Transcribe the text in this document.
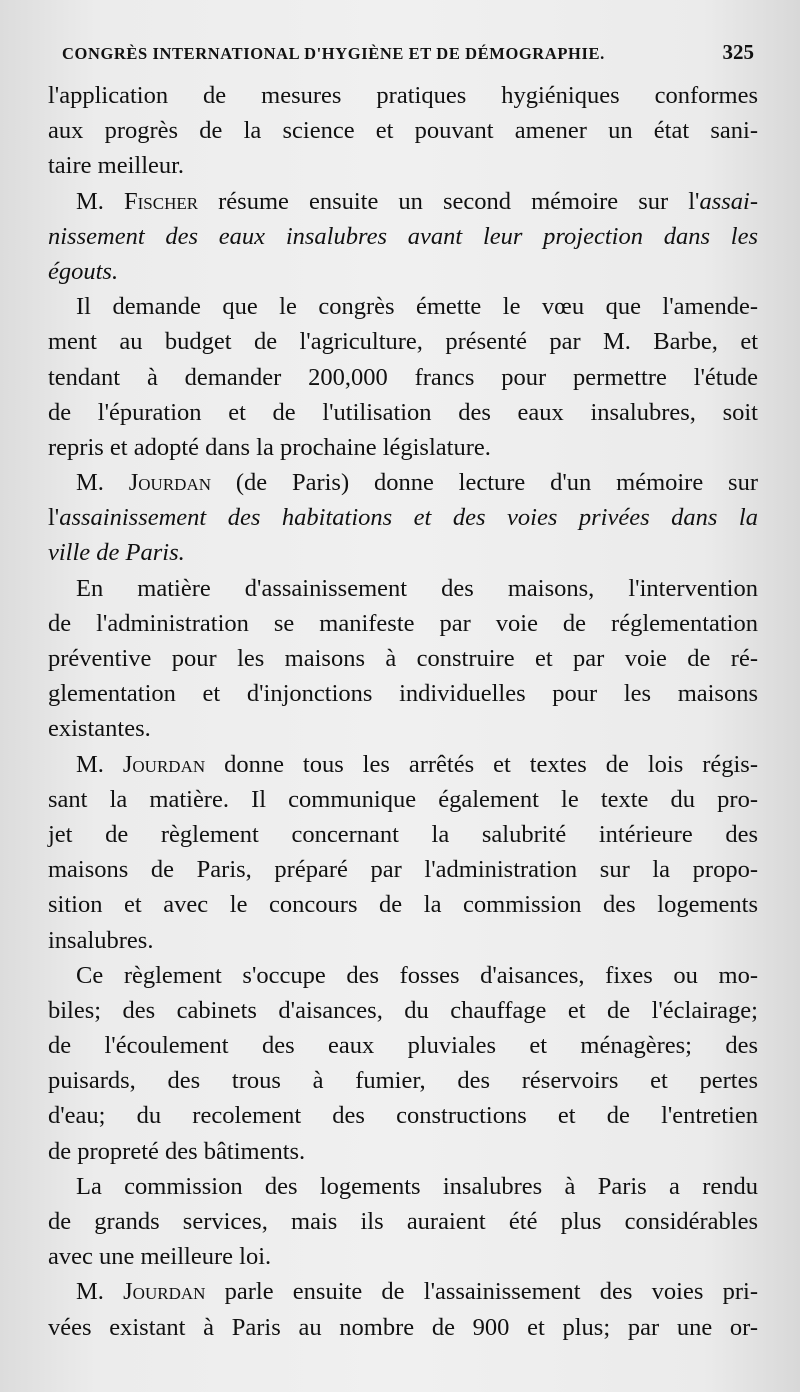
CONGRÈS INTERNATIONAL D'HYGIÈNE ET DE DÉMOGRAPHIE.	325
l'application de mesures pratiques hygiéniques conformes
aux progrès de la science et pouvant amener un état sani-
taire meilleur.
M. Fischer résume ensuite un second mémoire sur l'assai-
nissement des eaux insalubres avant leur projection dans les
égouts.
Il demande que le congrès émette le vœu que l'amende-
ment au budget de l'agriculture, présenté par M. Barbe, et
tendant à demander 200,000 francs pour permettre l'étude
de l'épuration et de l'utilisation des eaux insalubres, soit
repris et adopté dans la prochaine législature.
M. Jourdan (de Paris) donne lecture d'un mémoire sur
l'assainissement des habitations et des voies privées dans la
ville de Paris.
En matière d'assainissement des maisons, l'intervention
de l'administration se manifeste par voie de réglementation
préventive pour les maisons à construire et par voie de ré-
glementation et d'injonctions individuelles pour les maisons
existantes.
M. Jourdan donne tous les arrêtés et textes de lois régis-
sant la matière. Il communique également le texte du pro-
jet de règlement concernant la salubrité intérieure des
maisons de Paris, préparé par l'administration sur la propo-
sition et avec le concours de la commission des logements
insalubres.
Ce règlement s'occupe des fosses d'aisances, fixes ou mo-
biles; des cabinets d'aisances, du chauffage et de l'éclairage;
de l'écoulement des eaux pluviales et ménagères; des
puisards, des trous à fumier, des réservoirs et pertes
d'eau; du recolement des constructions et de l'entretien
de propreté des bâtiments.
La commission des logements insalubres à Paris a rendu
de grands services, mais ils auraient été plus considérables
avec une meilleure loi.
M. Jourdan parle ensuite de l'assainissement des voies pri-
vées existant à Paris au nombre de 900 et plus; par une or-
